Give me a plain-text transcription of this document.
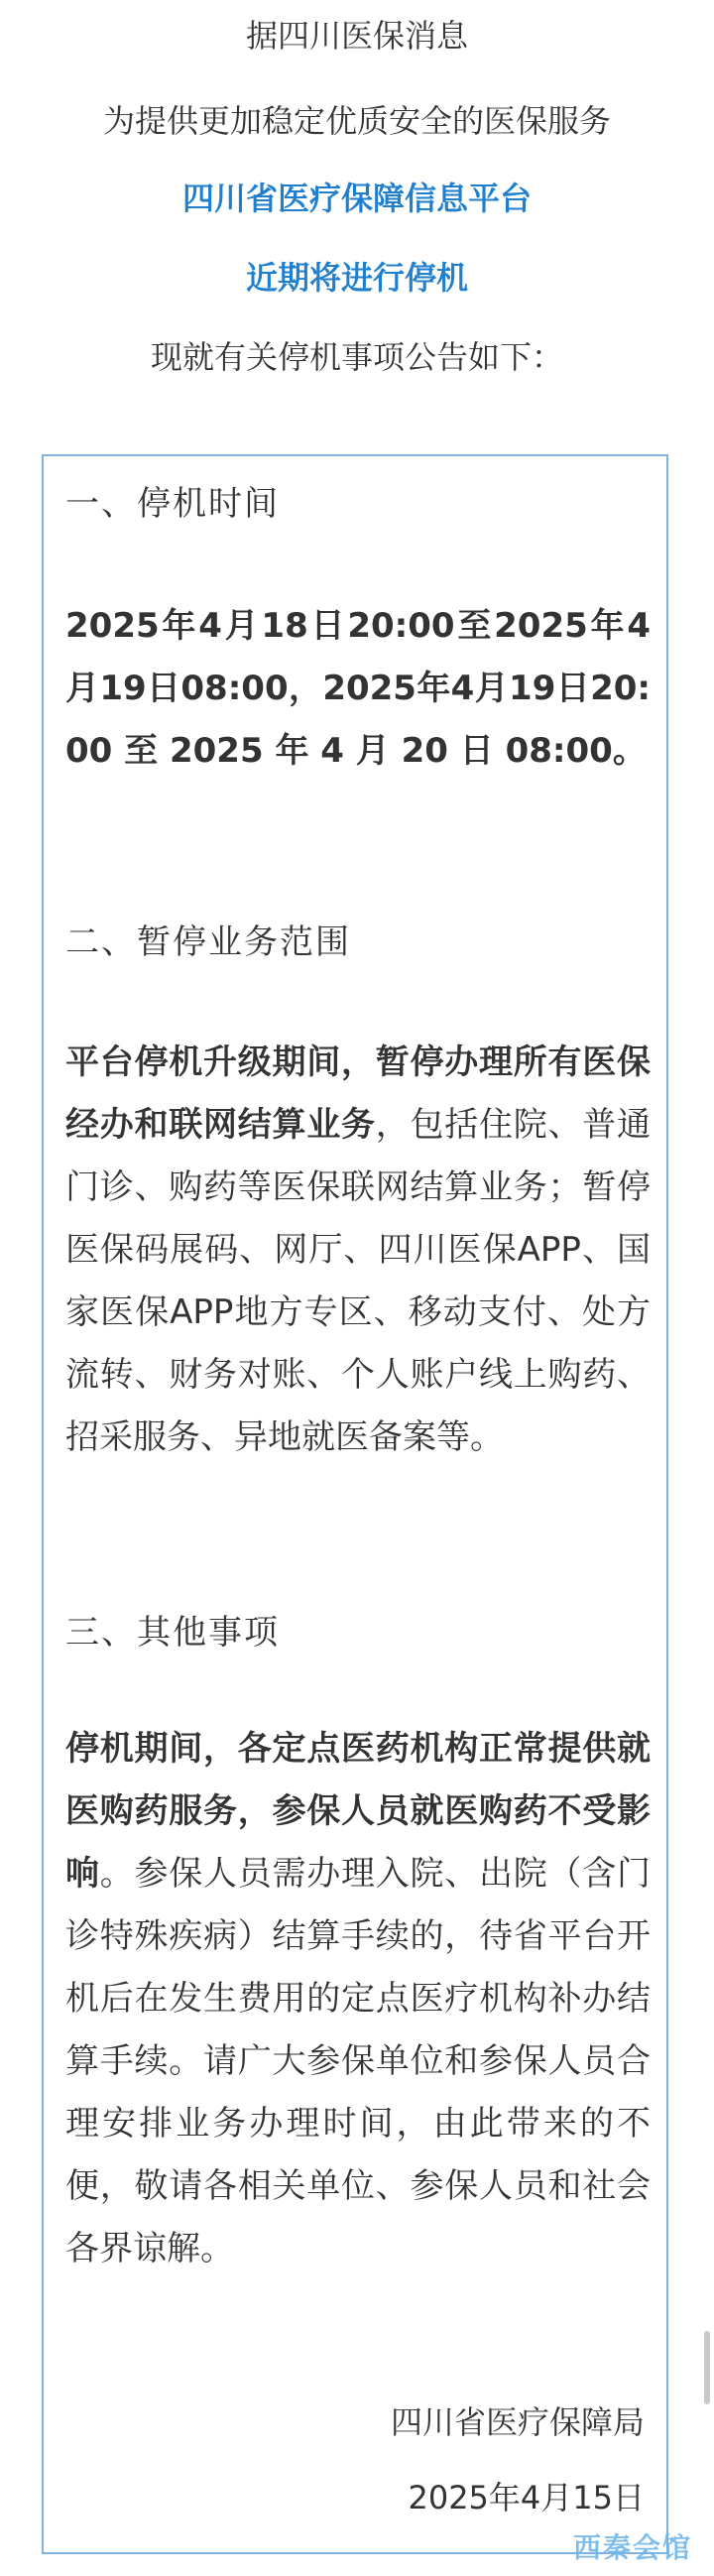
据四川医保消息
为提供更加稳定优质安全的医保服务
四川省医疗保障信息平台
近期将进行停机
现就有关停机事项公告如下：
一、停机时间

2025年4月18日20:00至2025年4月19日08:00，2025年4月19日20:00 至 2025 年 4 月 20 日 08:00。

二、暂停业务范围

平台停机升级期间，暂停办理所有医保经办和联网结算业务，包括住院、普通门诊、购药等医保联网结算业务；暂停医保码展码、网厅、四川医保APP、国家医保APP地方专区、移动支付、处方流转、财务对账、个人账户线上购药、招采服务、异地就医备案等。

三、其他事项

停机期间，各定点医药机构正常提供就医购药服务，参保人员就医购药不受影响。参保人员需办理入院、出院（含门诊特殊疾病）结算手续的，待省平台开机后在发生费用的定点医疗机构补办结算手续。请广大参保单位和参保人员合理安排业务办理时间，由此带来的不便，敬请各相关单位、参保人员和社会各界谅解。

四川省医疗保障局
2025年4月15日
西秦会馆
